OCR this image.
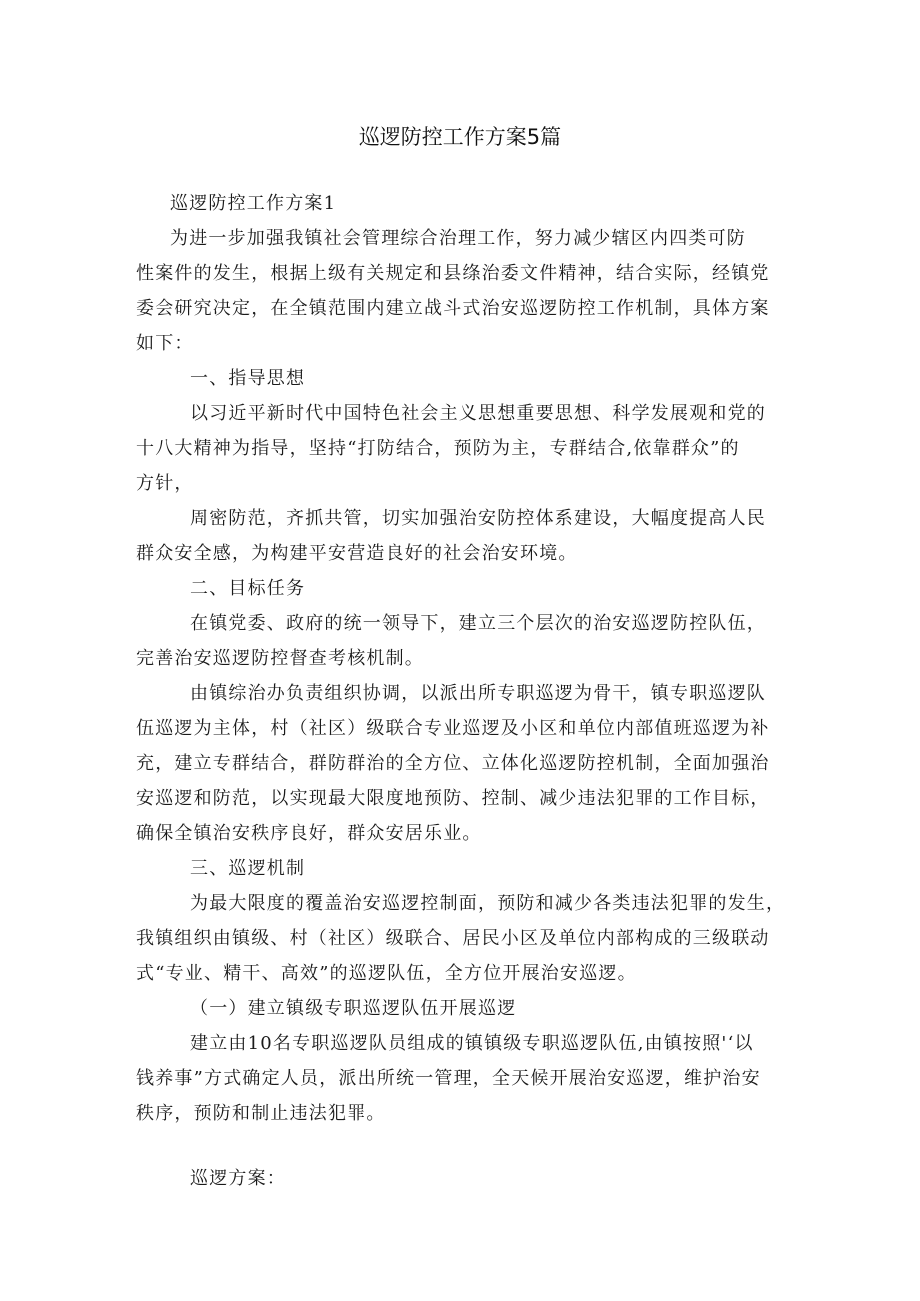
巡逻防控工作方案5篇
巡逻防控工作方案1
为进一步加强我镇社会管理综合治理工作，努力减少辖区内四类可防
性案件的发生，根据上级有关规定和县绦治委文件精神，结合实际，经镇党
委会研究决定，在全镇范围内建立战斗式治安巡逻防控工作机制，具体方案
如下：
一、指导思想
以习近平新时代中国特色社会主义思想重要思想、科学发展观和党的
十八大精神为指导，坚持“打防结合，预防为主，专群结合,依靠群众”的
方针，
周密防范，齐抓共管，切实加强治安防控体系建设，大幅度提高人民
群众安全感，为构建平安营造良好的社会治安环境。
二、目标任务
在镇党委、政府的统一领导下，建立三个层次的治安巡逻防控队伍，
完善治安巡逻防控督查考核机制。
由镇综治办负责组织协调，以派出所专职巡逻为骨干，镇专职巡逻队
伍巡逻为主体，村（社区）级联合专业巡逻及小区和单位内部值班巡逻为补
充，建立专群结合，群防群治的全方位、立体化巡逻防控机制，全面加强治
安巡逻和防范，以实现最大限度地预防、控制、减少违法犯罪的工作目标，
确保全镇治安秩序良好，群众安居乐业。
三、巡逻机制
为最大限度的覆盖治安巡逻控制面，预防和减少各类违法犯罪的发生，
我镇组织由镇级、村（社区）级联合、居民小区及单位内部构成的三级联动
式“专业、精干、高效”的巡逻队伍，全方位开展治安巡逻。
（一）建立镇级专职巡逻队伍开展巡逻
建立由10名专职巡逻队员组成的镇镇级专职巡逻队伍,由镇按照'‘以
钱养事”方式确定人员，派出所统一管理，全天候开展治安巡逻，维护治安
秩序，预防和制止违法犯罪。
巡逻方案：
